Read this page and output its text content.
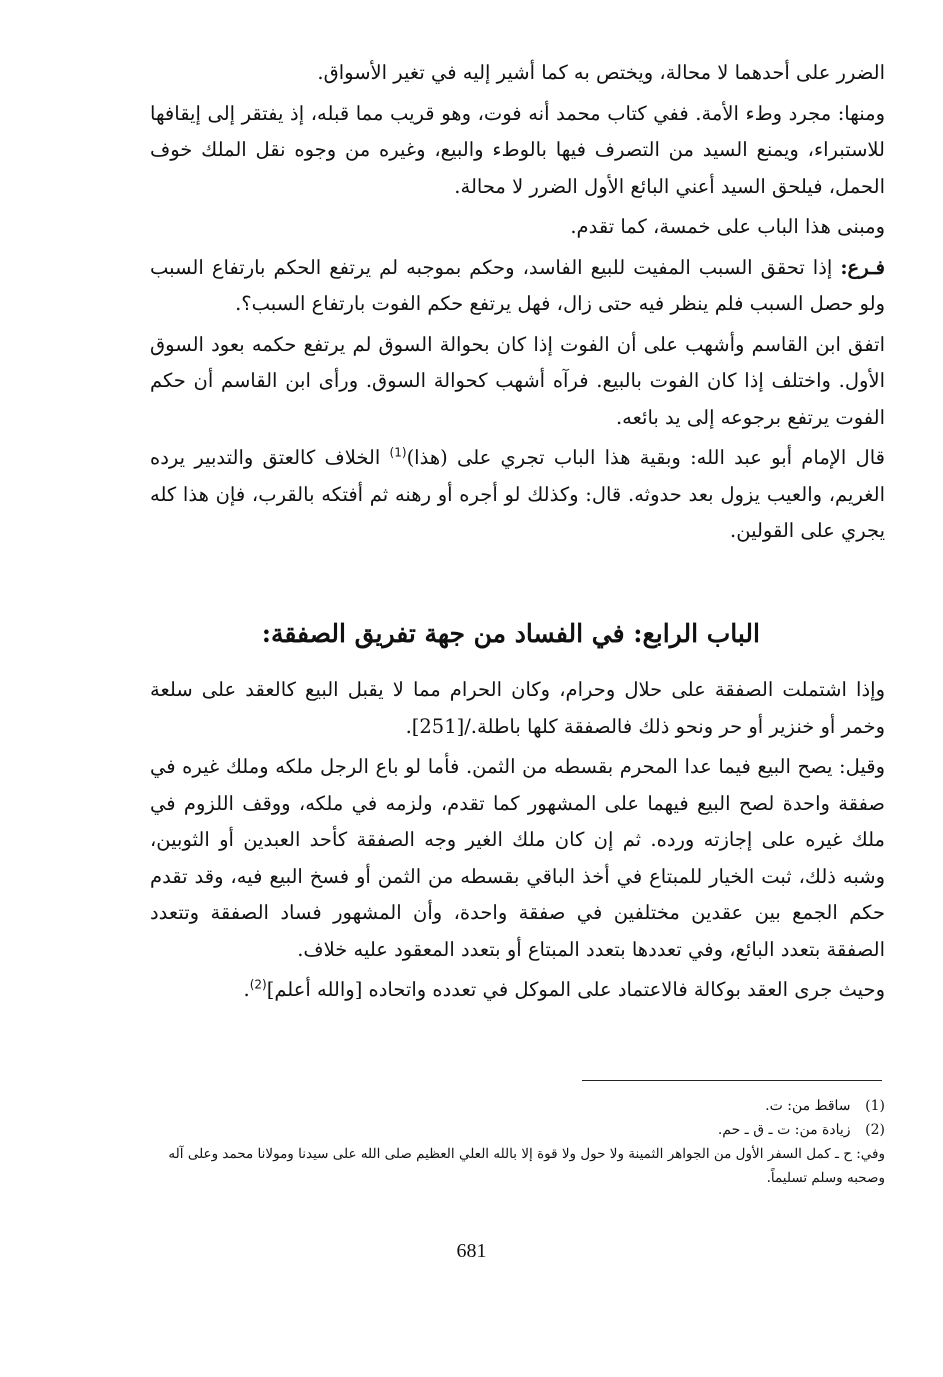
الضرر على أحدهما لا محالة، ويختص به كما أشير إليه في تغير الأسواق.

ومنها: مجرد وطء الأمة. ففي كتاب محمد أنه فوت، وهو قريب مما قبله، إذ يفتقر إلى إيقافها للاستبراء، ويمنع السيد من التصرف فيها بالوطء والبيع، وغيره من وجوه نقل الملك خوف الحمل، فيلحق السيد أعني البائع الأول الضرر لا محالة.

ومبنى هذا الباب على خمسة، كما تقدم.

فـرع: إذا تحقق السبب المفيت للبيع الفاسد، وحكم بموجبه لم يرتفع الحكم بارتفاع السبب ولو حصل السبب فلم ينظر فيه حتى زال، فهل يرتفع حكم الفوت بارتفاع السبب؟.

اتفق ابن القاسم وأشهب على أن الفوت إذا كان بحوالة السوق لم يرتفع حكمه بعود السوق الأول. واختلف إذا كان الفوت بالبيع. فرآه أشهب كحوالة السوق. ورأى ابن القاسم أن حكم الفوت يرتفع برجوعه إلى يد بائعه.

قال الإمام أبو عبد الله: وبقية هذا الباب تجري على (هذا)$^{(1)}$ الخلاف كالعتق والتدبير يرده الغريم، والعيب يزول بعد حدوثه. قال: وكذلك لو أجره أو رهنه ثم أفتكه بالقرب، فإن هذا كله يجري على القولين.

الباب الرابع: في الفساد من جهة تفريق الصفقة:

وإذا اشتملت الصفقة على حلال وحرام، وكان الحرام مما لا يقبل البيع كالعقد على سلعة وخمر أو خنزير أو حر ونحو ذلك فالصفقة كلها باطلة./[251].

وقيل: يصح البيع فيما عدا المحرم بقسطه من الثمن. فأما لو باع الرجل ملكه وملك غيره في صفقة واحدة لصح البيع فيهما على المشهور كما تقدم، ولزمه في ملكه، ووقف اللزوم في ملك غيره على إجازته ورده. ثم إن كان ملك الغير وجه الصفقة كأحد العبدين أو الثوبين، وشبه ذلك، ثبت الخيار للمبتاع في أخذ الباقي بقسطه من الثمن أو فسخ البيع فيه، وقد تقدم حكم الجمع بين عقدين مختلفين في صفقة واحدة، وأن المشهور فساد الصفقة وتتعدد الصفقة بتعدد البائع، وفي تعددها بتعدد المبتاع أو بتعدد المعقود عليه خلاف.

وحيث جرى العقد بوكالة فالاعتماد على الموكل في تعدده واتحاده [والله أعلم]$^{(2)}$.

(1) ساقط من: ت.

(2) زيادة من: ت ـ ق ـ حم.

وفي: ح ـ كمل السفر الأول من الجواهر الثمينة ولا حول ولا قوة إلا بالله العلي العظيم صلى الله على سيدنا ومولانا محمد وعلى آله وصحبه وسلم تسليماً.

681
